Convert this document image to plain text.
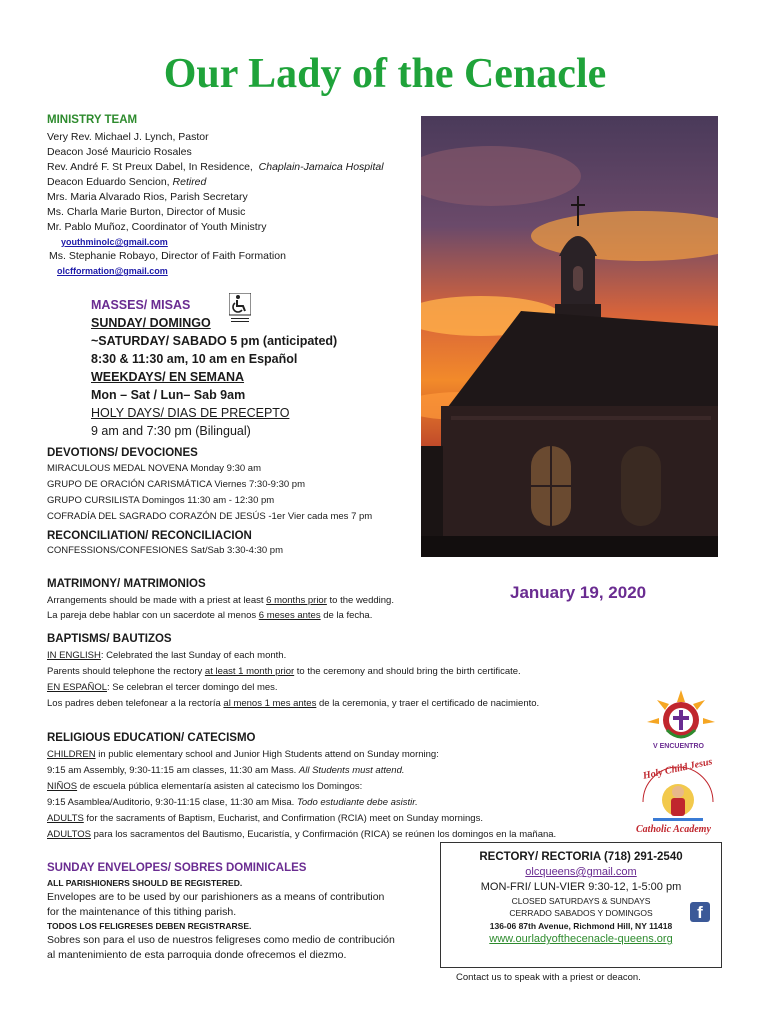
Our Lady of the Cenacle
MINISTRY TEAM
Very Rev. Michael J. Lynch, Pastor
Deacon José Mauricio Rosales
Rev. André F. St Preux Dabel, In Residence, Chaplain-Jamaica Hospital
Deacon Eduardo Sencion, Retired
Mrs. Maria Alvarado Rios, Parish Secretary
Ms. Charla Marie Burton, Director of Music
Mr. Pablo Muñoz, Coordinator of Youth Ministry
youthminolc@gmail.com
Ms. Stephanie Robayo, Director of Faith Formation
olcfformation@gmail.com
MASSES/ MISAS
SUNDAY/ DOMINGO
~SATURDAY/ SABADO 5 pm (anticipated)
8:30 & 11:30 am, 10 am en Español
WEEKDAYS/ EN SEMANA
Mon – Sat / Lun– Sab 9am
HOLY DAYS/ DIAS DE PRECEPTO
9 am and 7:30 pm (Bilingual)
DEVOTIONS/ DEVOCIONES
MIRACULOUS MEDAL NOVENA Monday 9:30 am
GRUPO DE ORACIÓN CARISMÁTICA Viernes 7:30-9:30 pm
GRUPO CURSILISTA Domingos 11:30 am - 12:30 pm
COFRADÍA DEL SAGRADO CORAZÓN DE JESÚS -1er Vier cada mes 7 pm
RECONCILIATION/ RECONCILIACION
CONFESSIONS/CONFESIONES Sat/Sab 3:30-4:30 pm
MATRIMONY/ MATRIMONIOS
Arrangements should be made with a priest at least 6 months prior to the wedding.
La pareja debe hablar con un sacerdote al menos 6 meses antes de la fecha.
January 19, 2020
BAPTISMS/ BAUTIZOS
IN ENGLISH: Celebrated the last Sunday of each month.
Parents should telephone the rectory at least 1 month prior to the ceremony and should bring the birth certificate.
EN ESPAÑOL: Se celebran el tercer domingo del mes.
Los padres deben telefonear a la rectoría al menos 1 mes antes de la ceremonia, y traer el certificado de nacimiento.
RELIGIOUS EDUCATION/ CATECISMO
CHILDREN in public elementary school and Junior High Students attend on Sunday morning:
9:15 am Assembly, 9:30-11:15 am classes, 11:30 am Mass. All Students must attend.
NIÑOS de escuela pública elementaría asisten al catecismo los Domingos:
9:15 Asamblea/Auditorio, 9:30-11:15 clase, 11:30 am Misa. Todo estudiante debe asistir.
ADULTS for the sacraments of Baptism, Eucharist, and Confirmation (RCIA) meet on Sunday mornings.
ADULTOS para los sacramentos del Bautismo, Eucaristía, y Confirmación (RICA) se reúnen los domingos en la mañana.
V ENCUENTRO
Holy Child Jesus
Catholic Academy
SUNDAY ENVELOPES/ SOBRES DOMINICALES
ALL PARISHIONERS SHOULD BE REGISTERED.
Envelopes are to be used by our parishioners as a means of contribution
for the maintenance of this tithing parish.
TODOS LOS FELIGRESES DEBEN REGISTRARSE.
Sobres son para el uso de nuestros feligreses como medio de contribución
al mantenimiento de esta parroquia donde ofrecemos el diezmo.
RECTORY/ RECTORIA (718) 291-2540
olcqueens@gmail.com
MON-FRI/ LUN-VIER 9:30-12, 1-5:00 pm
CLOSED SATURDAYS & SUNDAYS
CERRADO SABADOS Y DOMINGOS
136-06 87th Avenue, Richmond Hill, NY 11418
www.ourladyofthecenacle-queens.org
f
Contact us to speak with a priest or deacon.
